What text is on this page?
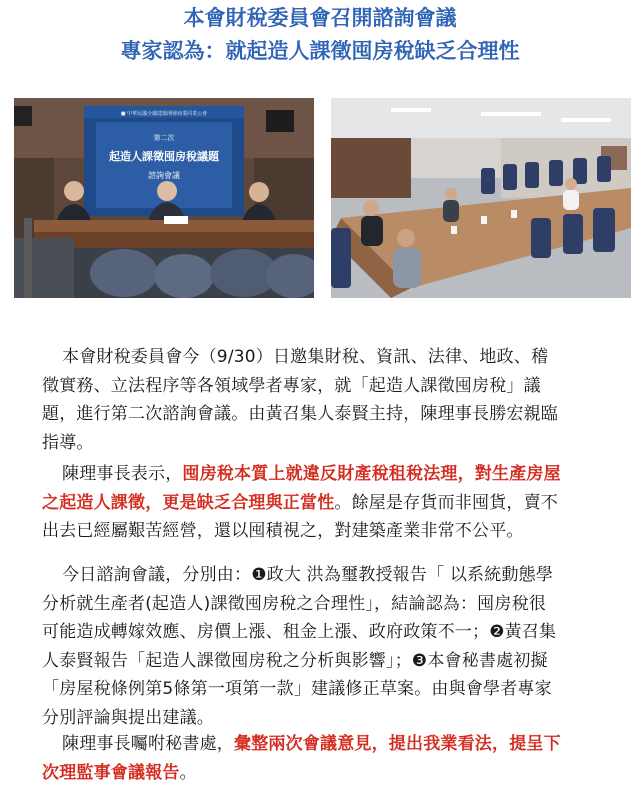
本會財稅委員會召開諮詢會議
專家認為：就起造人課徵囤房稅缺乏合理性
■ 中華民國全國建築開發商業同業公會
第二次
起造人課徵囤房稅議題
諮詢會議
本會財稅委員會今（9/30）日邀集財稅、資訊、法律、地政、稽
徵實務、立法程序等各領域學者專家，就「起造人課徵囤房稅」議
題，進行第二次諮詢會議。由黃召集人泰賢主持，陳理事長勝宏親臨
指導。
陳理事長表示，囤房稅本質上就違反財產稅租稅法理，對生產房屋
之起造人課徵，更是缺乏合理與正當性。餘屋是存貨而非囤貨，賣不
出去已經屬艱苦經營，還以囤積視之，對建築產業非常不公平。
今日諮詢會議，分別由：❶政大 洪為璽教授報告「 以系統動態學
分析就生產者(起造人)課徵囤房稅之合理性」，結論認為：囤房稅很
可能造成轉嫁效應、房價上漲、租金上漲、政府政策不一；❷黃召集
人泰賢報告「起造人課徵囤房稅之分析與影響」；❸本會秘書處初擬
「房屋稅條例第5條第一項第一款」建議修正草案。由與會學者專家
分別評論與提出建議。
陳理事長囑咐秘書處，彙整兩次會議意見，提出我業看法，提呈下
次理監事會議報告。
